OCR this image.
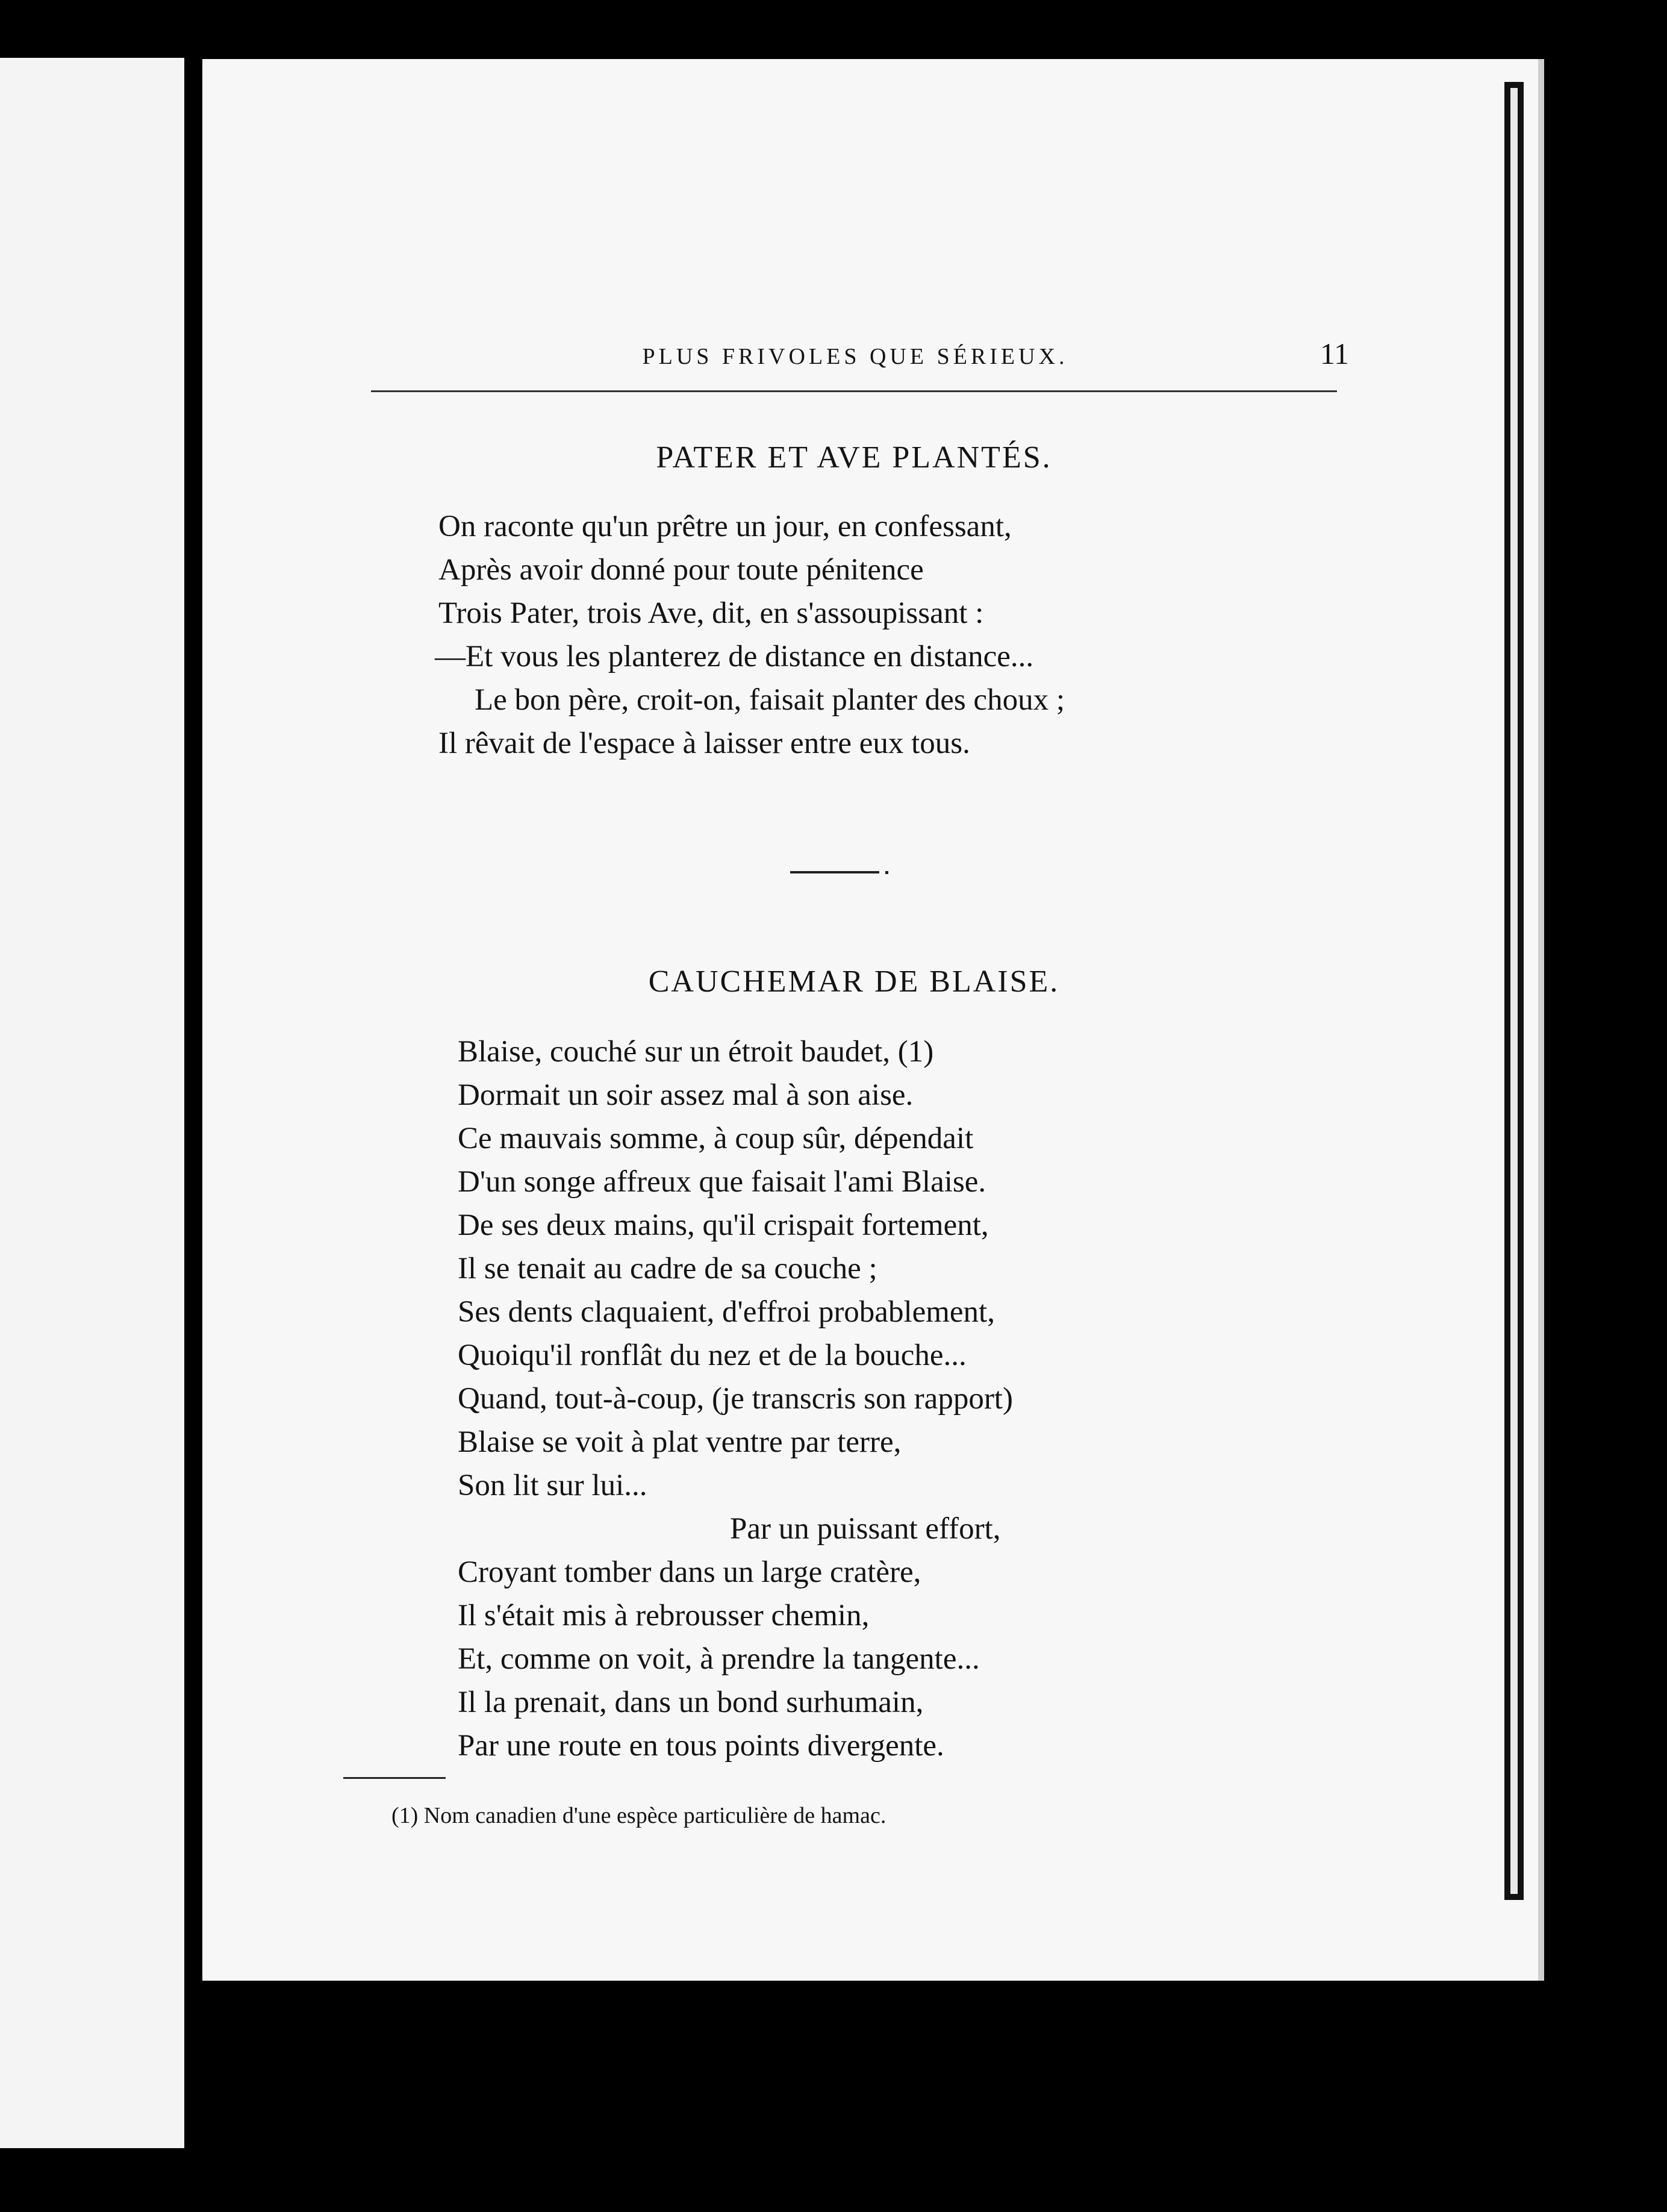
PLUS FRIVOLES QUE SÉRIEUX.	11
PATER ET AVE PLANTÉS.
On raconte qu'un prêtre un jour, en confessant,
Après avoir donné pour toute pénitence
Trois Pater, trois Ave, dit, en s'assoupissant :
—Et vous les planterez de distance en distance...
Le bon père, croit-on, faisait planter des choux ;
Il rêvait de l'espace à laisser entre eux tous.
CAUCHEMAR DE BLAISE.
Blaise, couché sur un étroit baudet, (1)
Dormait un soir assez mal à son aise.
Ce mauvais somme, à coup sûr, dépendait
D'un songe affreux que faisait l'ami Blaise.
De ses deux mains, qu'il crispait fortement,
Il se tenait au cadre de sa couche ;
Ses dents claquaient, d'effroi probablement,
Quoiqu'il ronflât du nez et de la bouche...
Quand, tout-à-coup, (je transcris son rapport)
Blaise se voit à plat ventre par terre,
Son lit sur lui...
Par un puissant effort,
Croyant tomber dans un large cratère,
Il s'était mis à rebrousser chemin,
Et, comme on voit, à prendre la tangente...
Il la prenait, dans un bond surhumain,
Par une route en tous points divergente.
(1) Nom canadien d'une espèce particulière de hamac.
